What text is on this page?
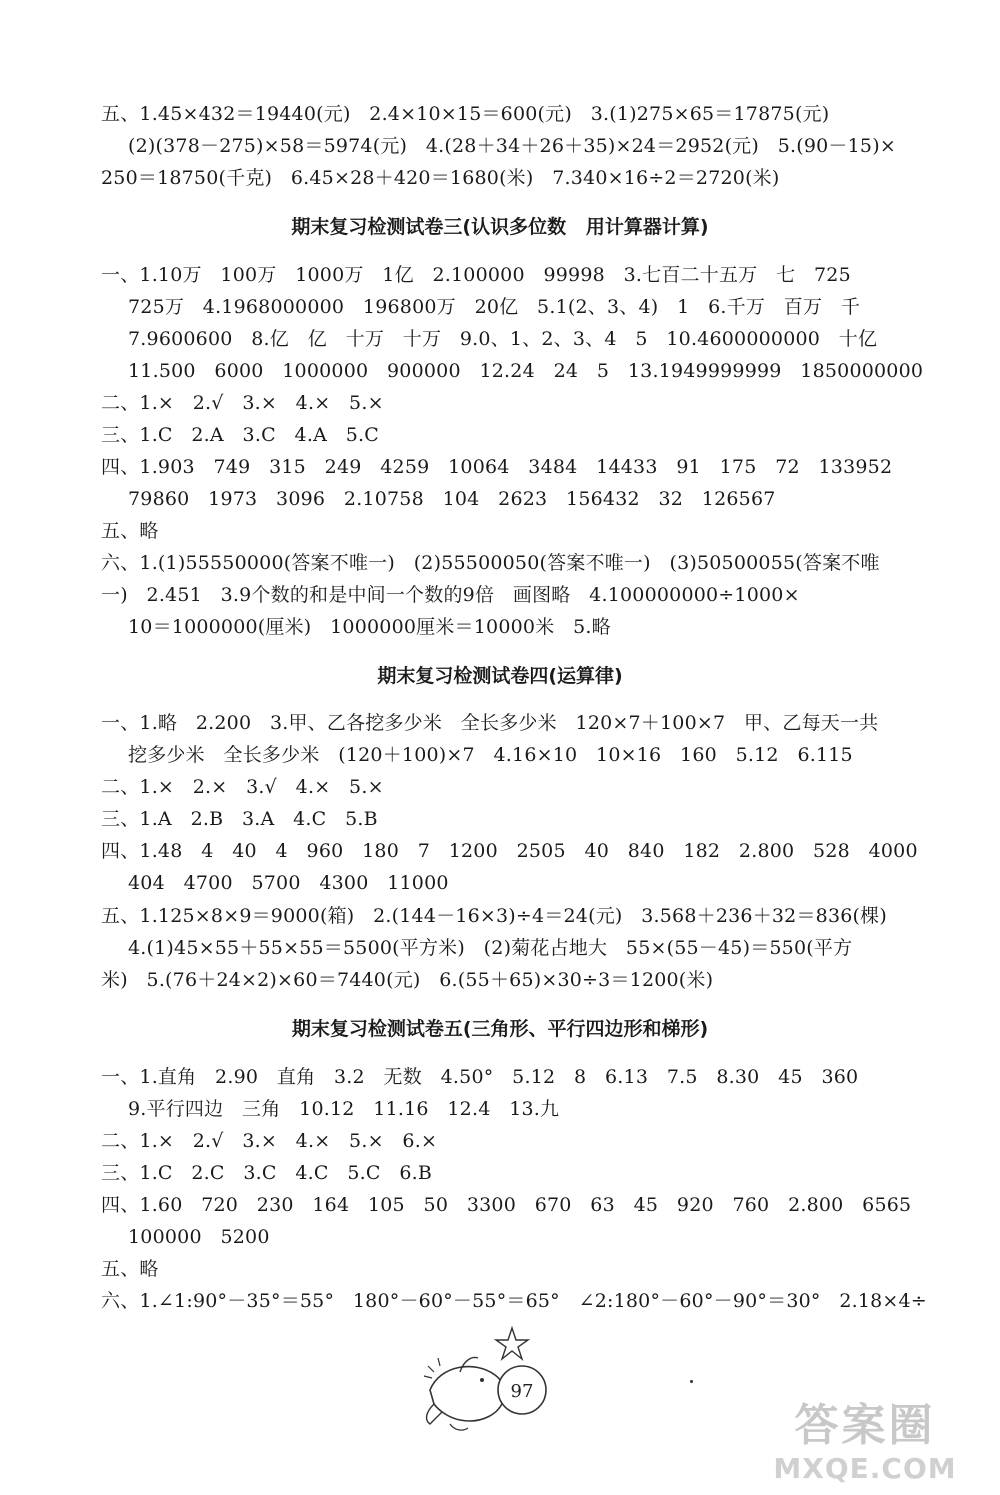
五、1.45×432＝19440(元)   2.4×10×15＝600(元)   3.(1)275×65＝17875(元)
(2)(378－275)×58＝5974(元)   4.(28＋34＋26＋35)×24＝2952(元)   5.(90－15)×
250＝18750(千克)   6.45×28＋420＝1680(米)   7.340×16÷2＝2720(米)
期末复习检测试卷三(认识多位数   用计算器计算)
一、1.10万   100万   1000万   1亿   2.100000   99998   3.七百二十五万   七   725
725万   4.1968000000   196800万   20亿   5.1(2、3、4)   1   6.千万   百万   千
7.9600600   8.亿   亿   十万   十万   9.0、1、2、3、4   5   10.4600000000   十亿
11.500   6000   1000000   900000   12.24   24   5   13.1949999999   1850000000
二、1.×   2.√   3.×   4.×   5.×
三、1.C   2.A   3.C   4.A   5.C
四、1.903   749   315   249   4259   10064   3484   14433   91   175   72   133952
79860   1973   3096   2.10758   104   2623   156432   32   126567
五、略
六、1.(1)55550000(答案不唯一)   (2)55500050(答案不唯一)   (3)50500055(答案不唯
一)   2.451   3.9个数的和是中间一个数的9倍   画图略   4.100000000÷1000×
10＝1000000(厘米)   1000000厘米＝10000米   5.略
期末复习检测试卷四(运算律)
一、1.略   2.200   3.甲、乙各挖多少米   全长多少米   120×7＋100×7   甲、乙每天一共
挖多少米   全长多少米   (120＋100)×7   4.16×10   10×16   160   5.12   6.115
二、1.×   2.×   3.√   4.×   5.×
三、1.A   2.B   3.A   4.C   5.B
四、1.48   4   40   4   960   180   7   1200   2505   40   840   182   2.800   528   4000
404   4700   5700   4300   11000
五、1.125×8×9＝9000(箱)   2.(144－16×3)÷4＝24(元)   3.568＋236＋32＝836(棵)
4.(1)45×55＋55×55＝5500(平方米)   (2)菊花占地大   55×(55－45)＝550(平方
米)   5.(76＋24×2)×60＝7440(元)   6.(55＋65)×30÷3＝1200(米)
期末复习检测试卷五(三角形、平行四边形和梯形)
一、1.直角   2.90   直角   3.2   无数   4.50°   5.12   8   6.13   7.5   8.30   45   360
9.平行四边   三角   10.12   11.16   12.4   13.九
二、1.×   2.√   3.×   4.×   5.×   6.×
三、1.C   2.C   3.C   4.C   5.C   6.B
四、1.60   720   230   164   105   50   3300   670   63   45   920   760   2.800   6565
100000   5200
五、略
六、1.∠1:90°－35°＝55°   180°－60°－55°＝65°   ∠2:180°－60°－90°＝30°   2.18×4÷
97
答案圈
MXQE.COM
